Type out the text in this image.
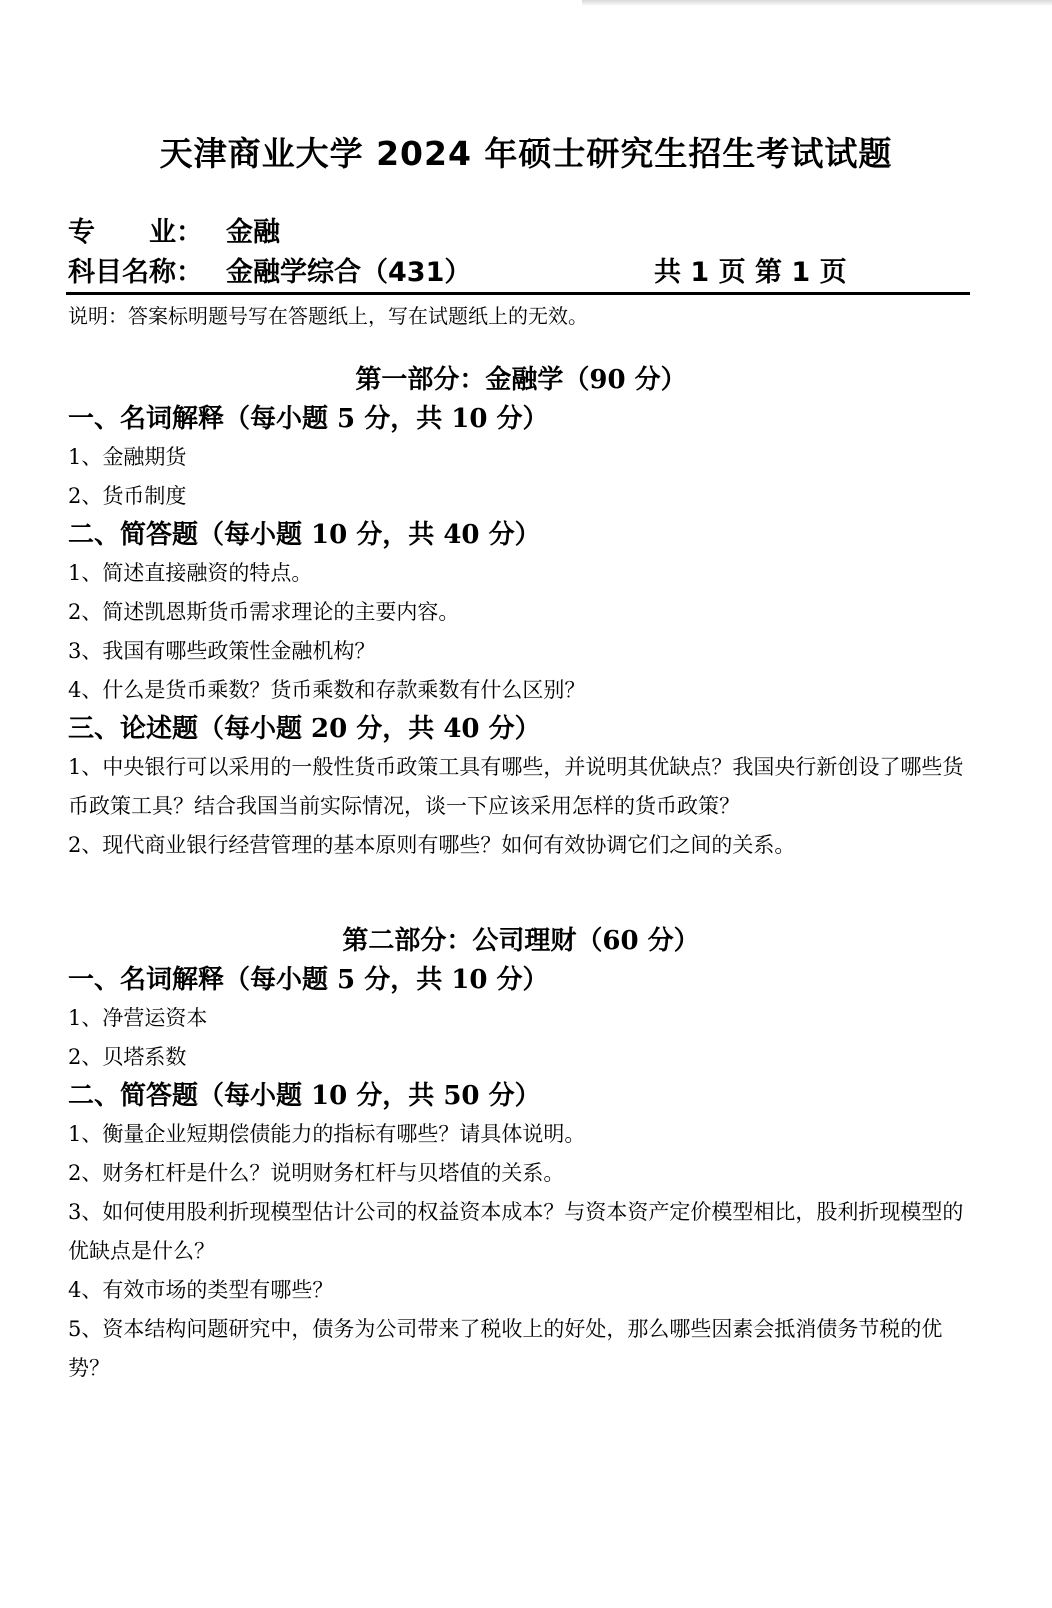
天津商业大学 2024 年硕士研究生招生考试试题
专　　业： 金融
科目名称： 金融学综合（431）	共 1 页 第 1 页
说明：答案标明题号写在答题纸上，写在试题纸上的无效。
第一部分：金融学（90 分）
一、名词解释（每小题 5 分，共 10 分）

1、金融期货

2、货币制度

二、简答题（每小题 10 分，共 40 分）

1、简述直接融资的特点。

2、简述凯恩斯货币需求理论的主要内容。

3、我国有哪些政策性金融机构？

4、什么是货币乘数？货币乘数和存款乘数有什么区别？

三、论述题（每小题 20 分，共 40 分）

1、中央银行可以采用的一般性货币政策工具有哪些，并说明其优缺点？我国央行新创设了哪些货币政策工具？结合我国当前实际情况，谈一下应该采用怎样的货币政策？

2、现代商业银行经营管理的基本原则有哪些？如何有效协调它们之间的关系。

第二部分：公司理财（60 分）
一、名词解释（每小题 5 分，共 10 分）

1、净营运资本

2、贝塔系数

二、简答题（每小题 10 分，共 50 分）

1、衡量企业短期偿债能力的指标有哪些？请具体说明。

2、财务杠杆是什么？说明财务杠杆与贝塔值的关系。

3、如何使用股利折现模型估计公司的权益资本成本？与资本资产定价模型相比，股利折现模型的优缺点是什么？

4、有效市场的类型有哪些？

5、资本结构问题研究中，债务为公司带来了税收上的好处，那么哪些因素会抵消债务节税的优势？
